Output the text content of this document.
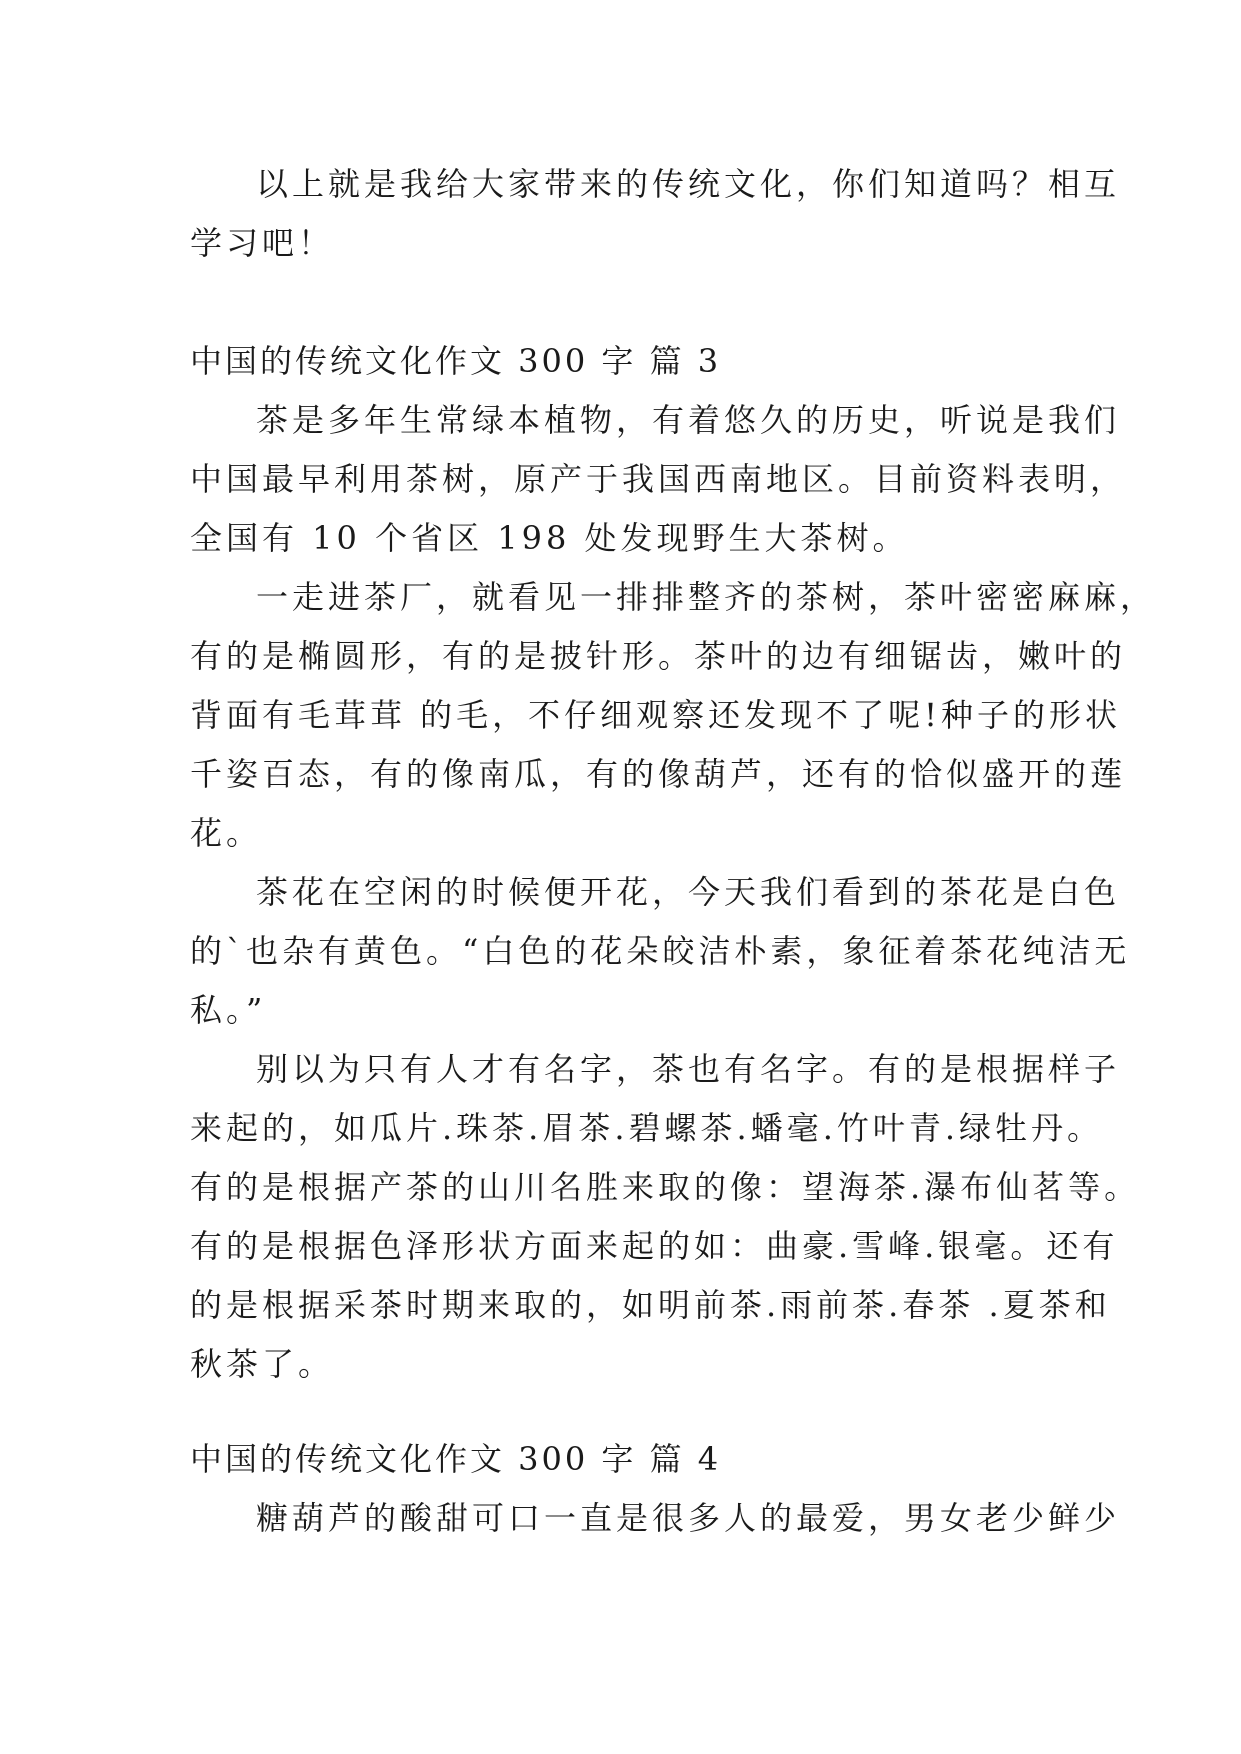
以上就是我给大家带来的传统文化，你们知道吗？相互
学习吧！
中国的传统文化作文 300 字 篇 3
茶是多年生常绿本植物，有着悠久的历史，听说是我们
中国最早利用茶树，原产于我国西南地区。目前资料表明，
全国有 10 个省区 198 处发现野生大茶树。
一走进茶厂，就看见一排排整齐的茶树，茶叶密密麻麻，
有的是椭圆形，有的是披针形。茶叶的边有细锯齿，嫩叶的
背面有毛茸茸 的毛，不仔细观察还发现不了呢!种子的形状
千姿百态，有的像南瓜，有的像葫芦，还有的恰似盛开的莲
花。
茶花在空闲的时候便开花，今天我们看到的茶花是白色
的`也杂有黄色。“白色的花朵皎洁朴素，象征着茶花纯洁无
私。”
别以为只有人才有名字，茶也有名字。有的是根据样子
来起的，如瓜片.珠茶.眉茶.碧螺茶.蟠毫.竹叶青.绿牡丹。
有的是根据产茶的山川名胜来取的像：望海茶.瀑布仙茗等。
有的是根据色泽形状方面来起的如：曲豪.雪峰.银毫。还有
的是根据采茶时期来取的，如明前茶.雨前茶.春茶 .夏茶和
秋茶了。
中国的传统文化作文 300 字 篇 4
糖葫芦的酸甜可口一直是很多人的最爱，男女老少鲜少
